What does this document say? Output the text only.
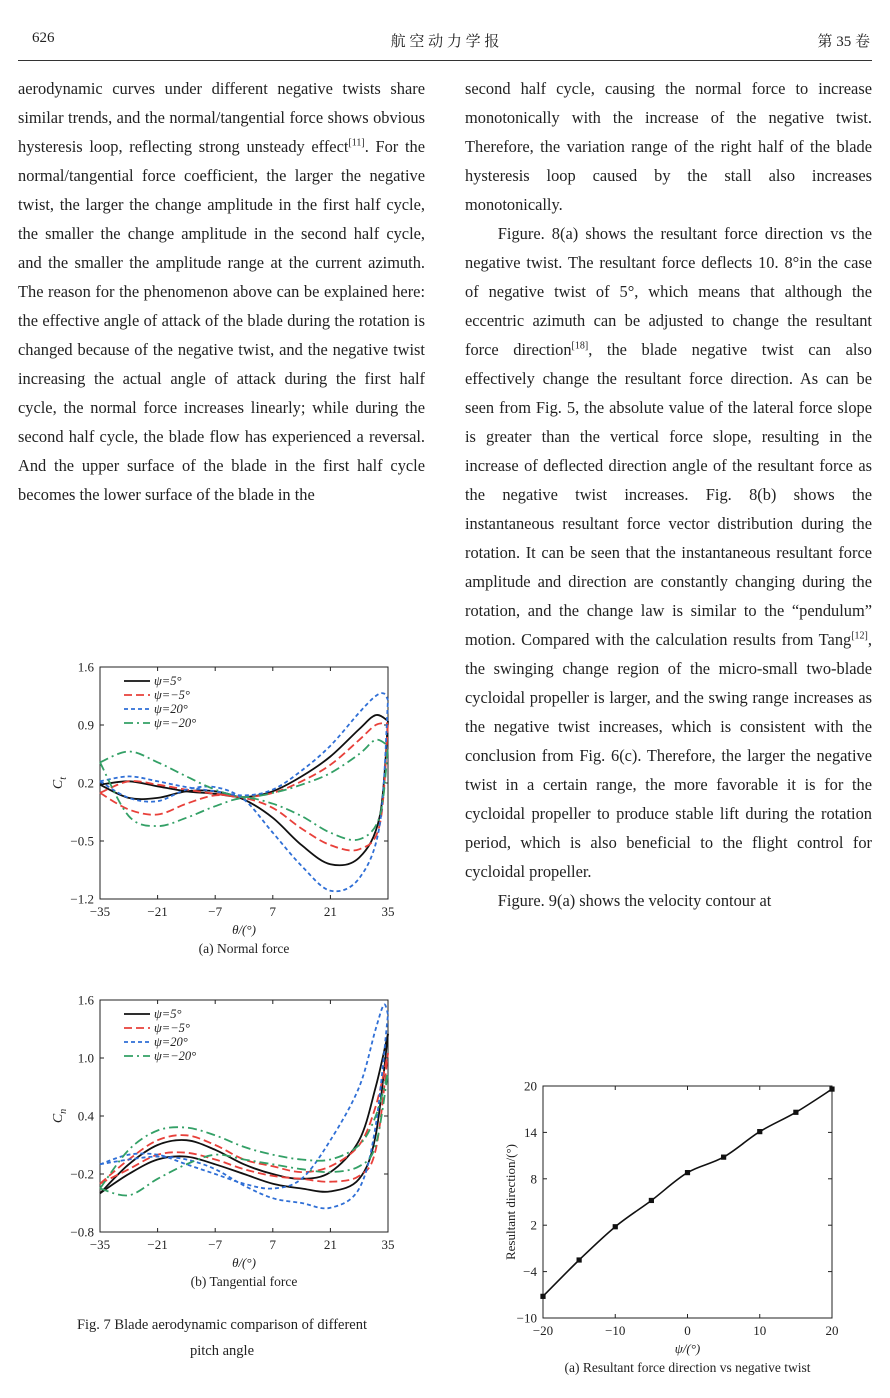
626	航 空 动 力 学 报	第 35 卷

aerodynamic curves under different negative twists share similar trends, and the normal/tangential force shows obvious hysteresis loop, reflecting strong unsteady effect[11]. For the normal/tangential force coefficient, the larger the negative twist, the larger the change amplitude in the first half cycle, the smaller the change amplitude in the second half cycle, and the smaller the amplitude range at the current azimuth. The reason for the phenomenon above can be explained here: the effective angle of attack of the blade during the rotation is changed because of the negative twist, and the negative twist increasing the actual angle of attack during the first half cycle, the normal force increases linearly; while during the second half cycle, the blade flow has experienced a reversal. And the upper surface of the blade in the first half cycle becomes the lower surface of the blade in the

second half cycle, causing the normal force to increase monotonically with the increase of the negative twist. Therefore, the variation range of the right half of the blade hysteresis loop caused by the stall also increases monotonically.

Figure. 8(a) shows the resultant force direction vs the negative twist. The resultant force deflects 10. 8°in the case of negative twist of 5°, which means that although the eccentric azimuth can be adjusted to change the resultant force direction[18], the blade negative twist can also effectively change the resultant force direction. As can be seen from Fig. 5, the absolute value of the lateral force slope is greater than the vertical force slope, resulting in the increase of deflected direction angle of the resultant force as the negative twist increases. Fig. 8(b) shows the instantaneous resultant force vector distribution during the rotation. It can be seen that the instantaneous resultant force amplitude and direction are constantly changing during the rotation, and the change law is similar to the “pendulum” motion. Compared with the calculation results from Tang[12], the swinging change region of the micro-small two-blade cycloidal propeller is larger, and the swing range increases as the negative twist increases, which is consistent with the conclusion from Fig. 6(c). Therefore, the larger the negative twist in a certain range, the more favorable it is for the cycloidal propeller to produce stable lift during the rotation period, which is also beneficial to the flight control for cycloidal propeller.

Figure. 9(a) shows the velocity contour at

−35	−21	−7	7	21	35
−1.2
−0.5
0.2
0.9
1.6
θ/(°)
$C_t$
(a) Normal force
ψ=5°
ψ=−5°
ψ=20°
ψ=−20°
−35	−21	−7	7	21	35
−0.8
−0.2
0.4
1.0
1.6
θ/(°)
$C_n$
(b) Tangential force
ψ=5°
ψ=−5°
ψ=20°
ψ=−20°
−20	−10	0	10	20
−10
−4
2
8
14
20
ψ/(°)
Resultant direction/(°)
(a) Resultant force direction vs negative twist
Fig. 7 Blade aerodynamic comparison of different
pitch angle
